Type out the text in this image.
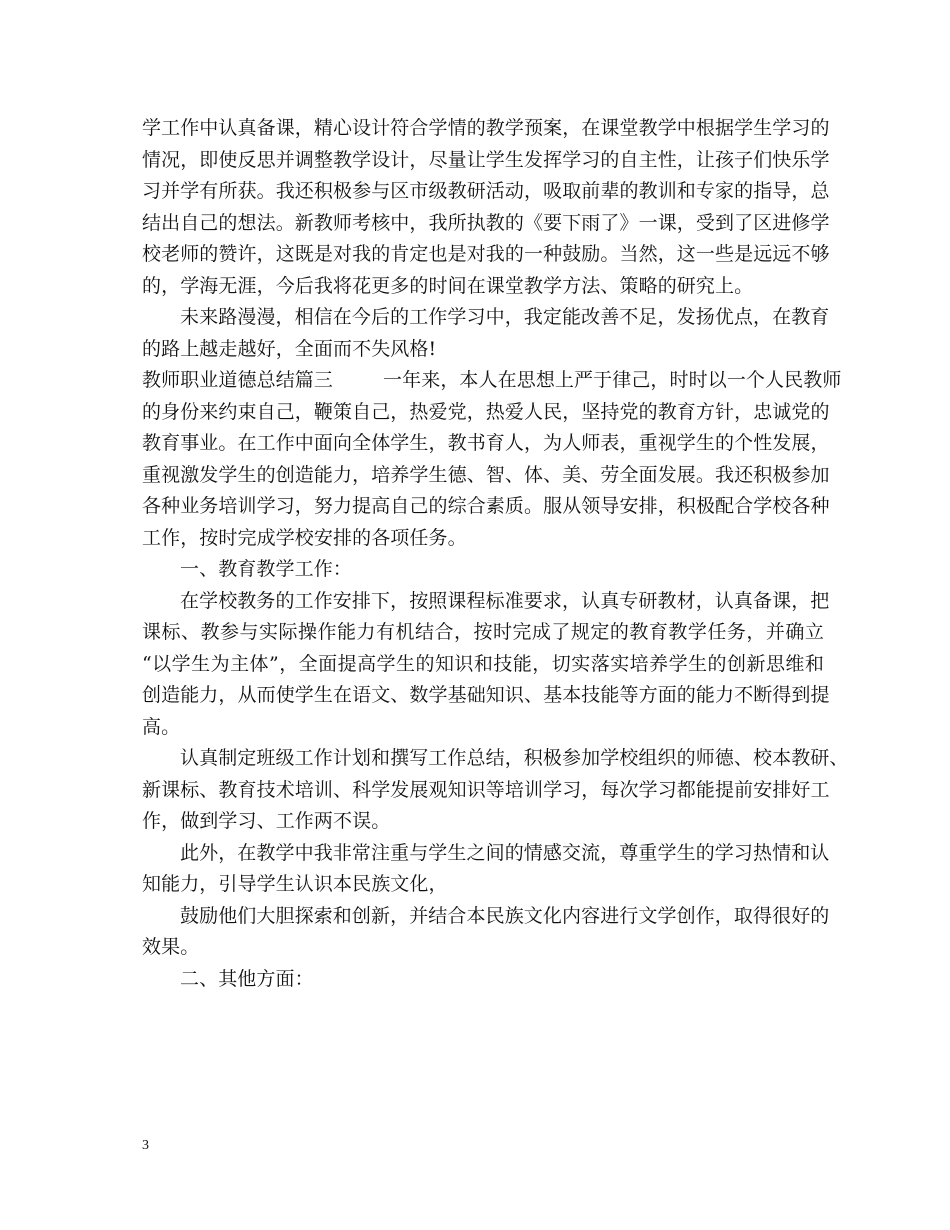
学工作中认真备课，精心设计符合学情的教学预案，在课堂教学中根据学生学习的
情况，即使反思并调整教学设计，尽量让学生发挥学习的自主性，让孩子们快乐学
习并学有所获。我还积极参与区市级教研活动，吸取前辈的教训和专家的指导，总
结出自己的想法。新教师考核中，我所执教的《要下雨了》一课，受到了区进修学
校老师的赞许，这既是对我的肯定也是对我的一种鼓励。当然，这一些是远远不够
的，学海无涯，今后我将花更多的时间在课堂教学方法、策略的研究上。
未来路漫漫，相信在今后的工作学习中，我定能改善不足，发扬优点，在教育
的路上越走越好，全面而不失风格!
教师职业道德总结篇三	一年来，本人在思想上严于律己，时时以一个人民教师
的身份来约束自己，鞭策自己，热爱党，热爱人民，坚持党的教育方针，忠诚党的
教育事业。在工作中面向全体学生，教书育人，为人师表，重视学生的个性发展，
重视激发学生的创造能力，培养学生德、智、体、美、劳全面发展。我还积极参加
各种业务培训学习，努力提高自己的综合素质。服从领导安排，积极配合学校各种
工作，按时完成学校安排的各项任务。
一、教育教学工作：
在学校教务的工作安排下，按照课程标准要求，认真专研教材，认真备课，把
课标、教参与实际操作能力有机结合，按时完成了规定的教育教学任务，并确立
“以学生为主体”，全面提高学生的知识和技能，切实落实培养学生的创新思维和
创造能力，从而使学生在语文、数学基础知识、基本技能等方面的能力不断得到提
高。
认真制定班级工作计划和撰写工作总结，积极参加学校组织的师德、校本教研、
新课标、教育技术培训、科学发展观知识等培训学习，每次学习都能提前安排好工
作，做到学习、工作两不误。
此外，在教学中我非常注重与学生之间的情感交流，尊重学生的学习热情和认
知能力，引导学生认识本民族文化，
鼓励他们大胆探索和创新，并结合本民族文化内容进行文学创作，取得很好的
效果。
二、其他方面：
3
